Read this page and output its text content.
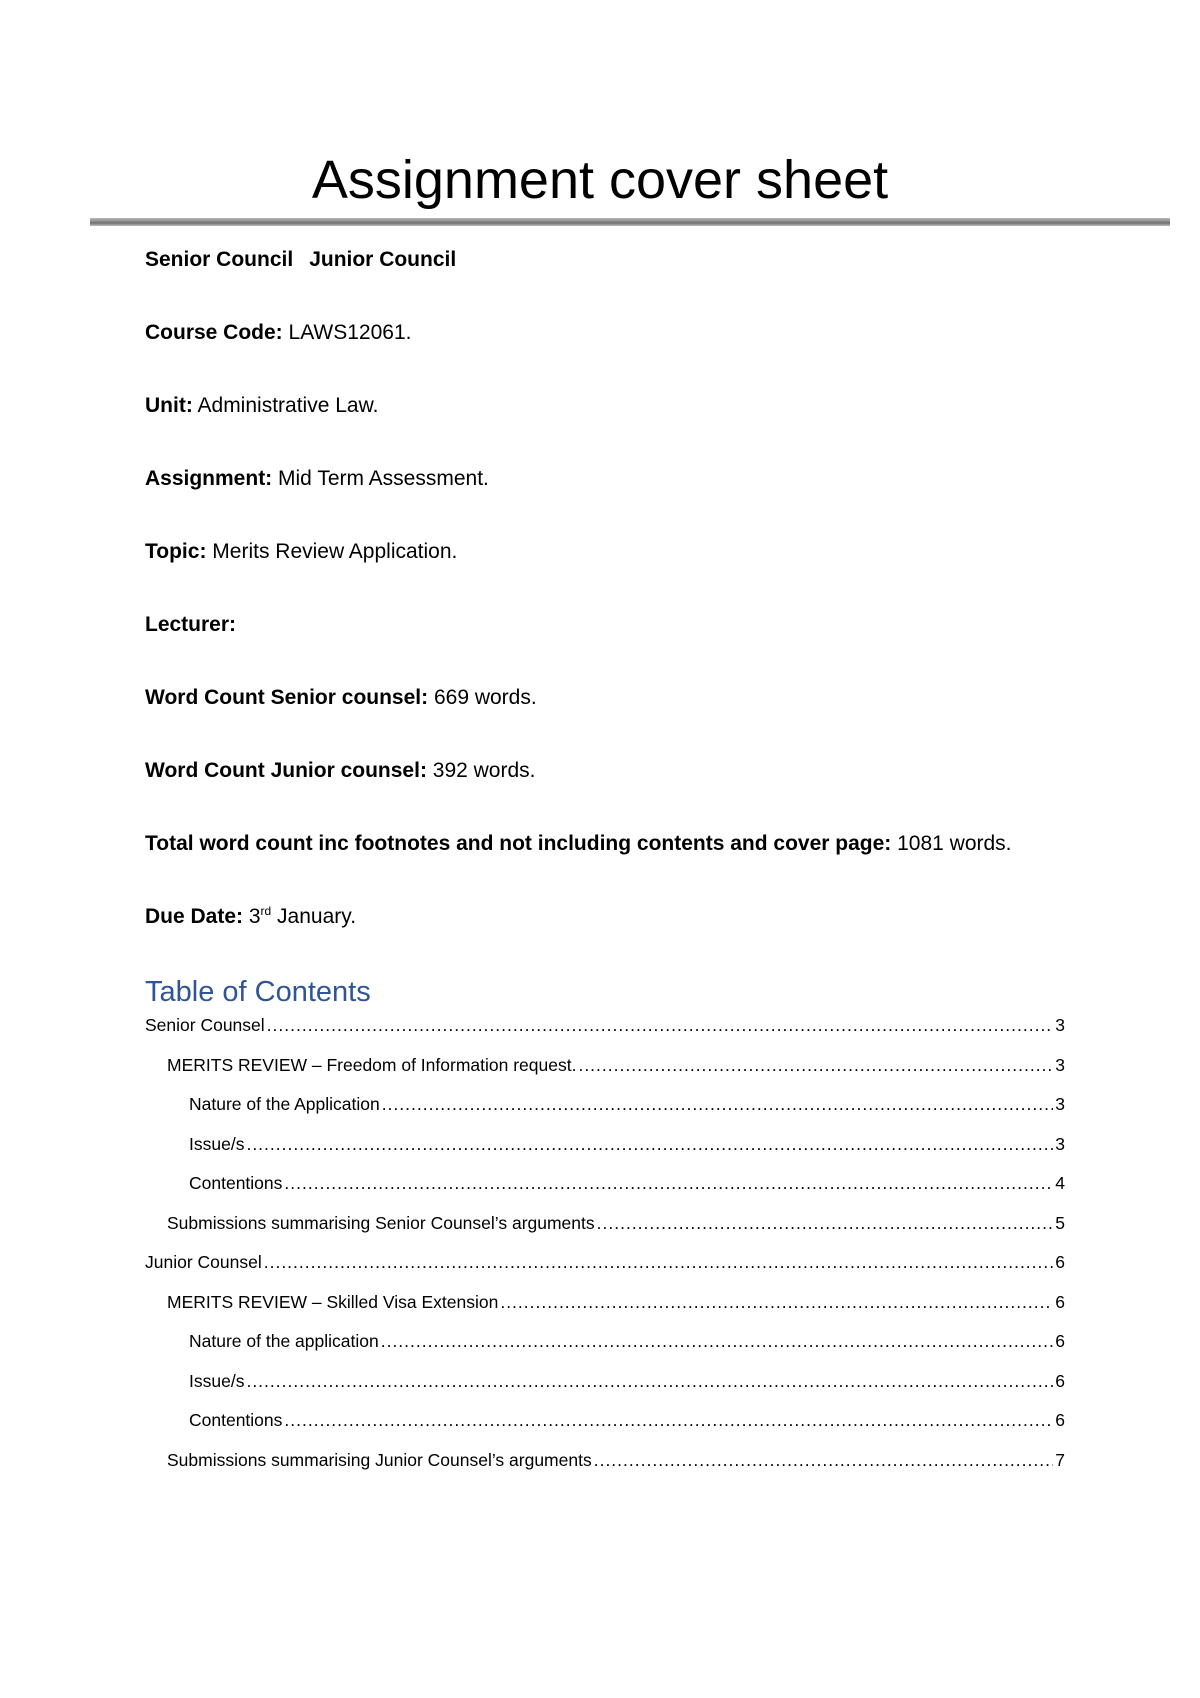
Assignment cover sheet
Senior Council Junior Council
Course Code: LAWS12061.
Unit: Administrative Law.
Assignment: Mid Term Assessment.
Topic: Merits Review Application.
Lecturer:
Word Count Senior counsel: 669 words.
Word Count Junior counsel: 392 words.
Total word count inc footnotes and not including contents and cover page: 1081 words.
Due Date: 3rd January.
Table of Contents
Senior Counsel .....	3
MERITS REVIEW – Freedom of Information request. .....	3
Nature of the Application .....	3
Issue/s .....	3
Contentions .....	4
Submissions summarising Senior Counsel’s arguments .....	5
Junior Counsel .....	6
MERITS REVIEW – Skilled Visa Extension .....	6
Nature of the application .....	6
Issue/s .....	6
Contentions .....	6
Submissions summarising Junior Counsel’s arguments .....	7
